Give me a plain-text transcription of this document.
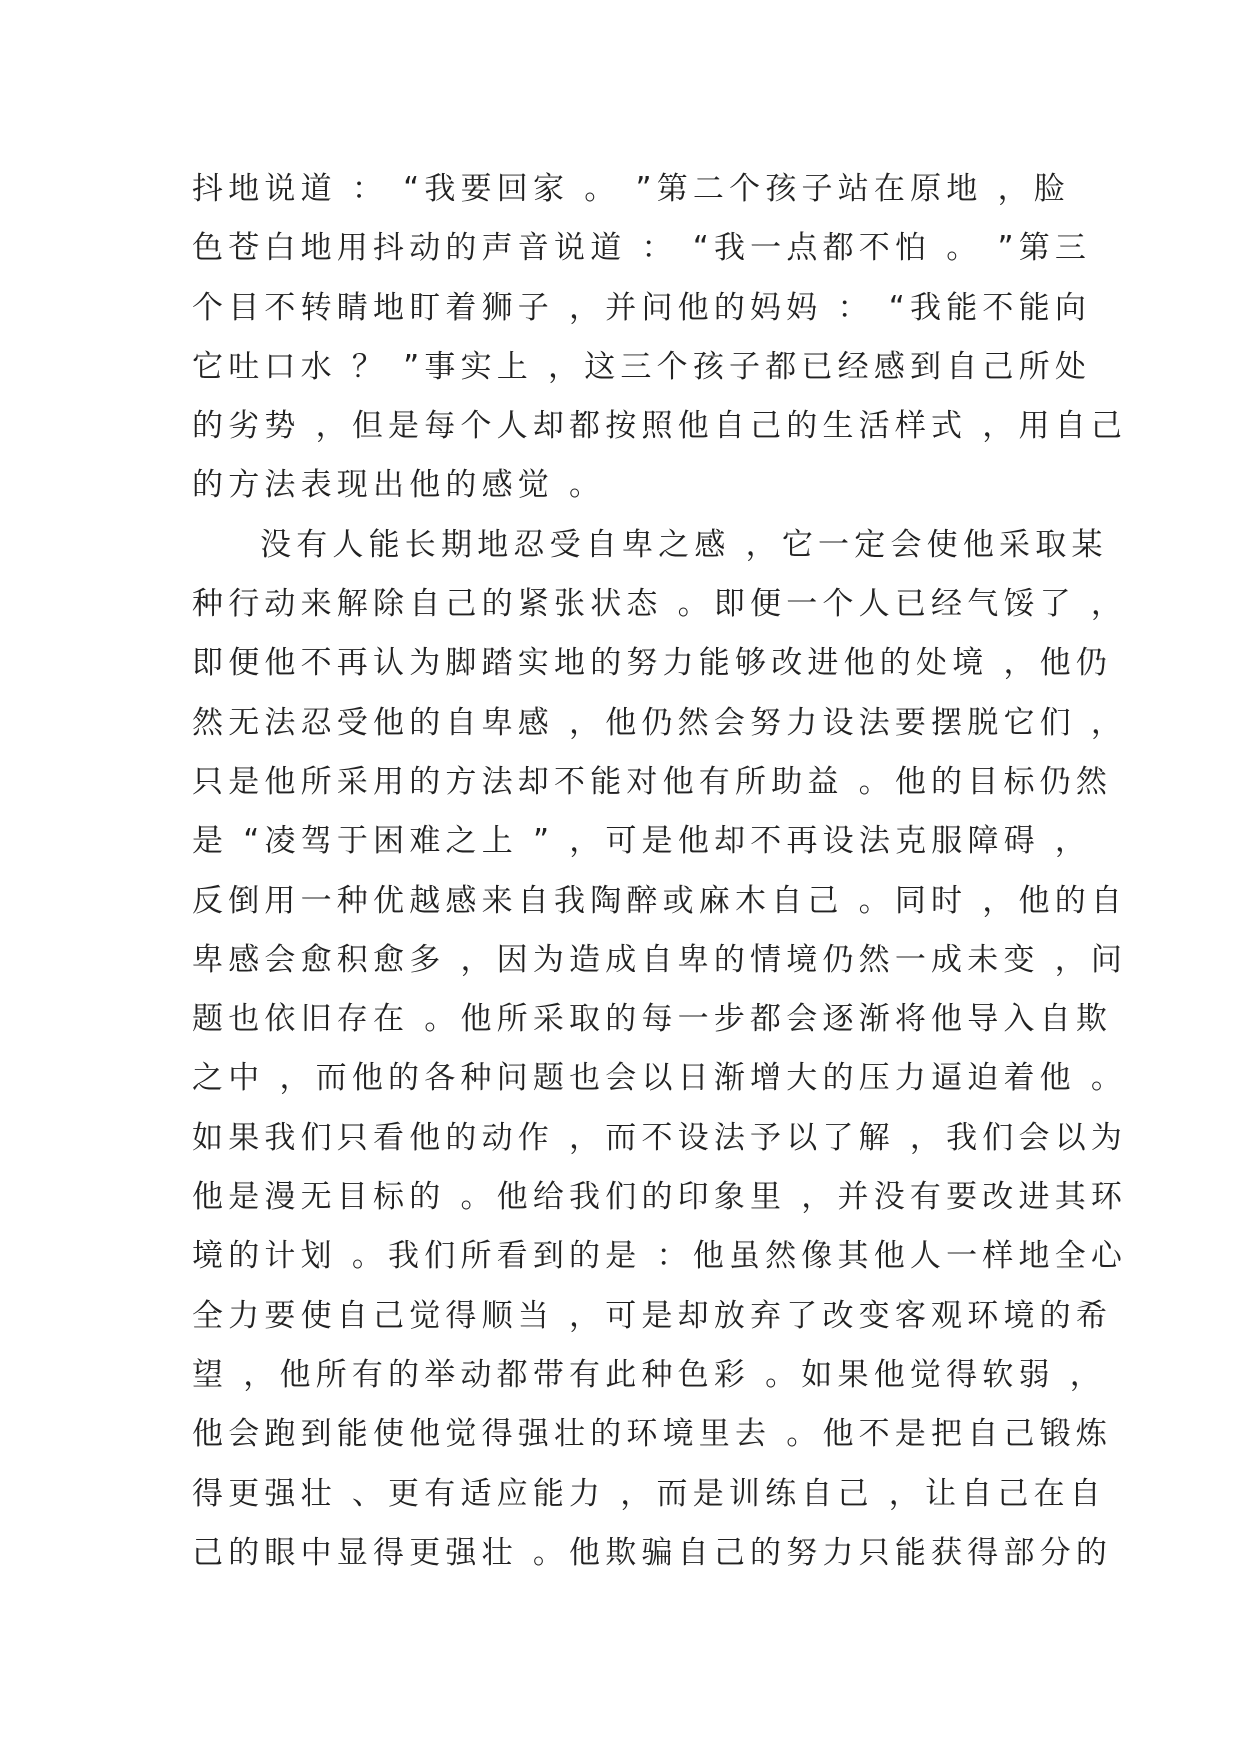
抖地说道 ： “我要回家 。 ”第二个孩子站在原地 ，脸
色苍白地用抖动的声音说道 ： “我一点都不怕 。 ”第三
个目不转睛地盯着狮子 ，并问他的妈妈 ： “我能不能向
它吐口水 ？ ”事实上 ，这三个孩子都已经感到自己所处
的劣势 ，但是每个人却都按照他自己的生活样式 ，用自己
的方法表现出他的感觉 。
没有人能长期地忍受自卑之感 ，它一定会使他采取某
种行动来解除自己的紧张状态 。即便一个人已经气馁了 ，
即便他不再认为脚踏实地的努力能够改进他的处境 ，他仍
然无法忍受他的自卑感 ，他仍然会努力设法要摆脱它们 ，
只是他所采用的方法却不能对他有所助益 。他的目标仍然
是 “凌驾于困难之上 ” ，可是他却不再设法克服障碍 ，
反倒用一种优越感来自我陶醉或麻木自己 。同时 ，他的自
卑感会愈积愈多 ，因为造成自卑的情境仍然一成未变 ，问
题也依旧存在 。他所采取的每一步都会逐渐将他导入自欺
之中 ，而他的各种问题也会以日渐增大的压力逼迫着他 。
如果我们只看他的动作 ，而不设法予以了解 ，我们会以为
他是漫无目标的 。他给我们的印象里 ，并没有要改进其环
境的计划 。我们所看到的是 ：他虽然像其他人一样地全心
全力要使自己觉得顺当 ，可是却放弃了改变客观环境的希
望 ，他所有的举动都带有此种色彩 。如果他觉得软弱 ，
他会跑到能使他觉得强壮的环境里去 。他不是把自己锻炼
得更强壮 、更有适应能力 ，而是训练自己 ，让自己在自
己的眼中显得更强壮 。他欺骗自己的努力只能获得部分的
